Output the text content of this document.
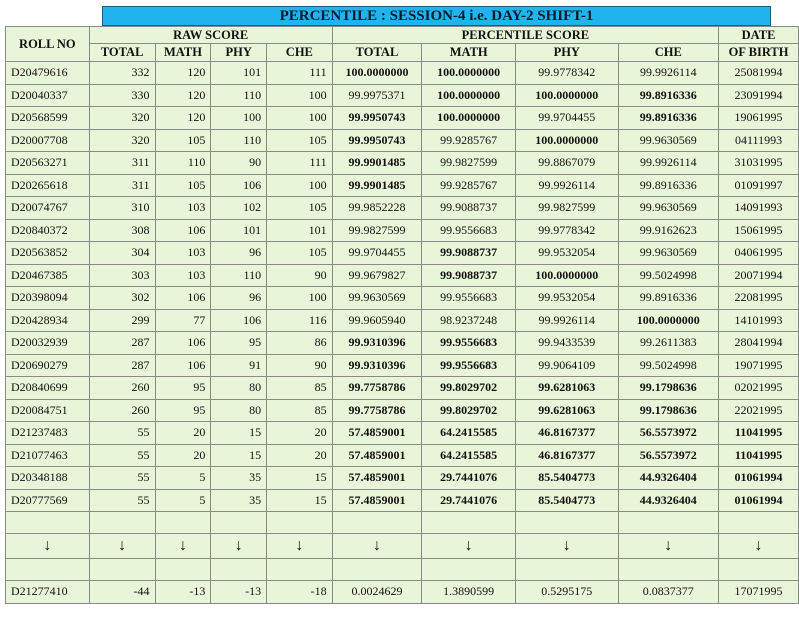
PERCENTILE : SESSION-4 i.e. DAY-2 SHIFT-1
ROLL NO	RAW SCORE				PERCENTILE SCORE				DATE
	TOTAL	MATH	PHY	CHE	TOTAL	MATH	PHY	CHE	OF BIRTH
D20479616	332	120	101	111	100.0000000	100.0000000	99.9778342	99.9926114	25081994
D20040337	330	120	110	100	99.9975371	100.0000000	100.0000000	99.8916336	23091994
D20568599	320	120	100	100	99.9950743	100.0000000	99.9704455	99.8916336	19061995
D20007708	320	105	110	105	99.9950743	99.9285767	100.0000000	99.9630569	04111993
D20563271	311	110	90	111	99.9901485	99.9827599	99.8867079	99.9926114	31031995
D20265618	311	105	106	100	99.9901485	99.9285767	99.9926114	99.8916336	01091997
D20074767	310	103	102	105	99.9852228	99.9088737	99.9827599	99.9630569	14091993
D20840372	308	106	101	101	99.9827599	99.9556683	99.9778342	99.9162623	15061995
D20563852	304	103	96	105	99.9704455	99.9088737	99.9532054	99.9630569	04061995
D20467385	303	103	110	90	99.9679827	99.9088737	100.0000000	99.5024998	20071994
D20398094	302	106	96	100	99.9630569	99.9556683	99.9532054	99.8916336	22081995
D20428934	299	77	106	116	99.9605940	98.9237248	99.9926114	100.0000000	14101993
D20032939	287	106	95	86	99.9310396	99.9556683	99.9433539	99.2611383	28041994
D20690279	287	106	91	90	99.9310396	99.9556683	99.9064109	99.5024998	19071995
D20840699	260	95	80	85	99.7758786	99.8029702	99.6281063	99.1798636	02021995
D20084751	260	95	80	85	99.7758786	99.8029702	99.6281063	99.1798636	22021995
D21237483	55	20	15	20	57.4859001	64.2415585	46.8167377	56.5573972	11041995
D21077463	55	20	15	20	57.4859001	64.2415585	46.8167377	56.5573972	11041995
D20348188	55	5	35	15	57.4859001	29.7441076	85.5404773	44.9326404	01061994
D20777569	55	5	35	15	57.4859001	29.7441076	85.5404773	44.9326404	01061994

↓	↓	↓	↓	↓	↓	↓	↓	↓	↓

D21277410	-44	-13	-13	-18	0.0024629	1.3890599	0.5295175	0.0837377	17071995
